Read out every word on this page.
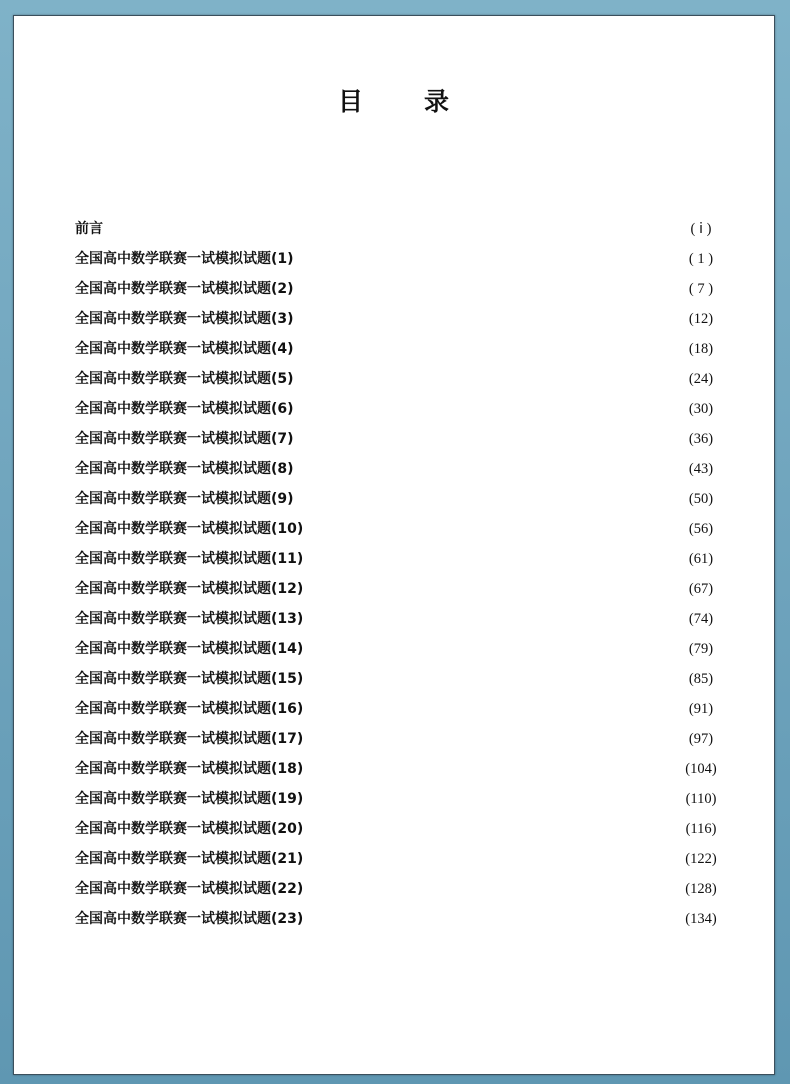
目 录
前言	( ⅰ )
全国高中数学联赛一试模拟试题(1)	( 1 )
全国高中数学联赛一试模拟试题(2)	( 7 )
全国高中数学联赛一试模拟试题(3)	(12)
全国高中数学联赛一试模拟试题(4)	(18)
全国高中数学联赛一试模拟试题(5)	(24)
全国高中数学联赛一试模拟试题(6)	(30)
全国高中数学联赛一试模拟试题(7)	(36)
全国高中数学联赛一试模拟试题(8)	(43)
全国高中数学联赛一试模拟试题(9)	(50)
全国高中数学联赛一试模拟试题(10)	(56)
全国高中数学联赛一试模拟试题(11)	(61)
全国高中数学联赛一试模拟试题(12)	(67)
全国高中数学联赛一试模拟试题(13)	(74)
全国高中数学联赛一试模拟试题(14)	(79)
全国高中数学联赛一试模拟试题(15)	(85)
全国高中数学联赛一试模拟试题(16)	(91)
全国高中数学联赛一试模拟试题(17)	(97)
全国高中数学联赛一试模拟试题(18)	(104)
全国高中数学联赛一试模拟试题(19)	(110)
全国高中数学联赛一试模拟试题(20)	(116)
全国高中数学联赛一试模拟试题(21)	(122)
全国高中数学联赛一试模拟试题(22)	(128)
全国高中数学联赛一试模拟试题(23)	(134)
